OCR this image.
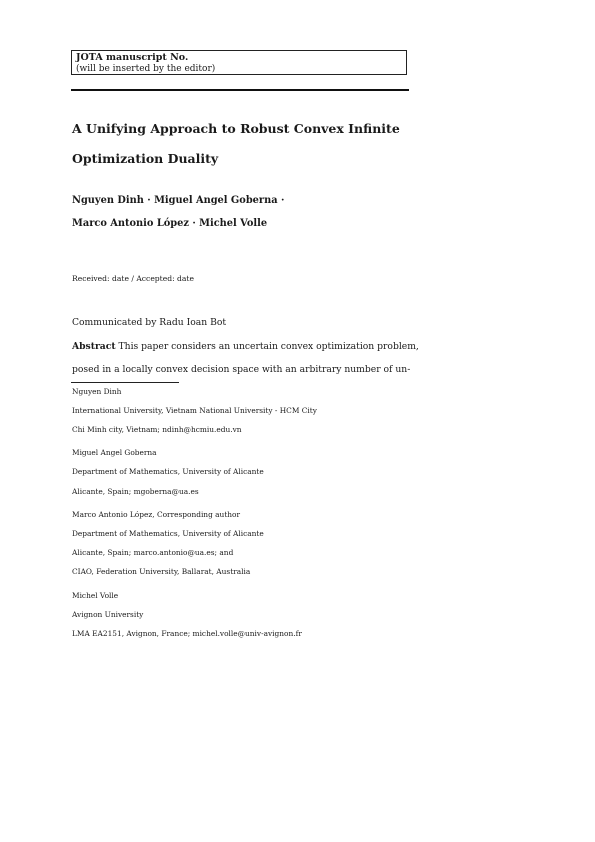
JOTA manuscript No.
(will be inserted by the editor)
A Unifying Approach to Robust Convex Infinite
Optimization Duality
Nguyen Dinh · Miguel Angel Goberna ·
Marco Antonio López · Michel Volle
Received: date / Accepted: date
Communicated by Radu Ioan Bot
Abstract This paper considers an uncertain convex optimization problem,
posed in a locally convex decision space with an arbitrary number of un-
Nguyen Dinh
International University, Vietnam National University - HCM City
Chi Minh city, Vietnam; ndinh@hcmiu.edu.vn
Miguel Angel Goberna
Department of Mathematics, University of Alicante
Alicante, Spain; mgoberna@ua.es
Marco Antonio López, Corresponding author
Department of Mathematics, University of Alicante
Alicante, Spain; marco.antonio@ua.es; and
CIAO, Federation University, Ballarat, Australia
Michel Volle
Avignon University
LMA EA2151, Avignon, France; michel.volle@univ-avignon.fr
